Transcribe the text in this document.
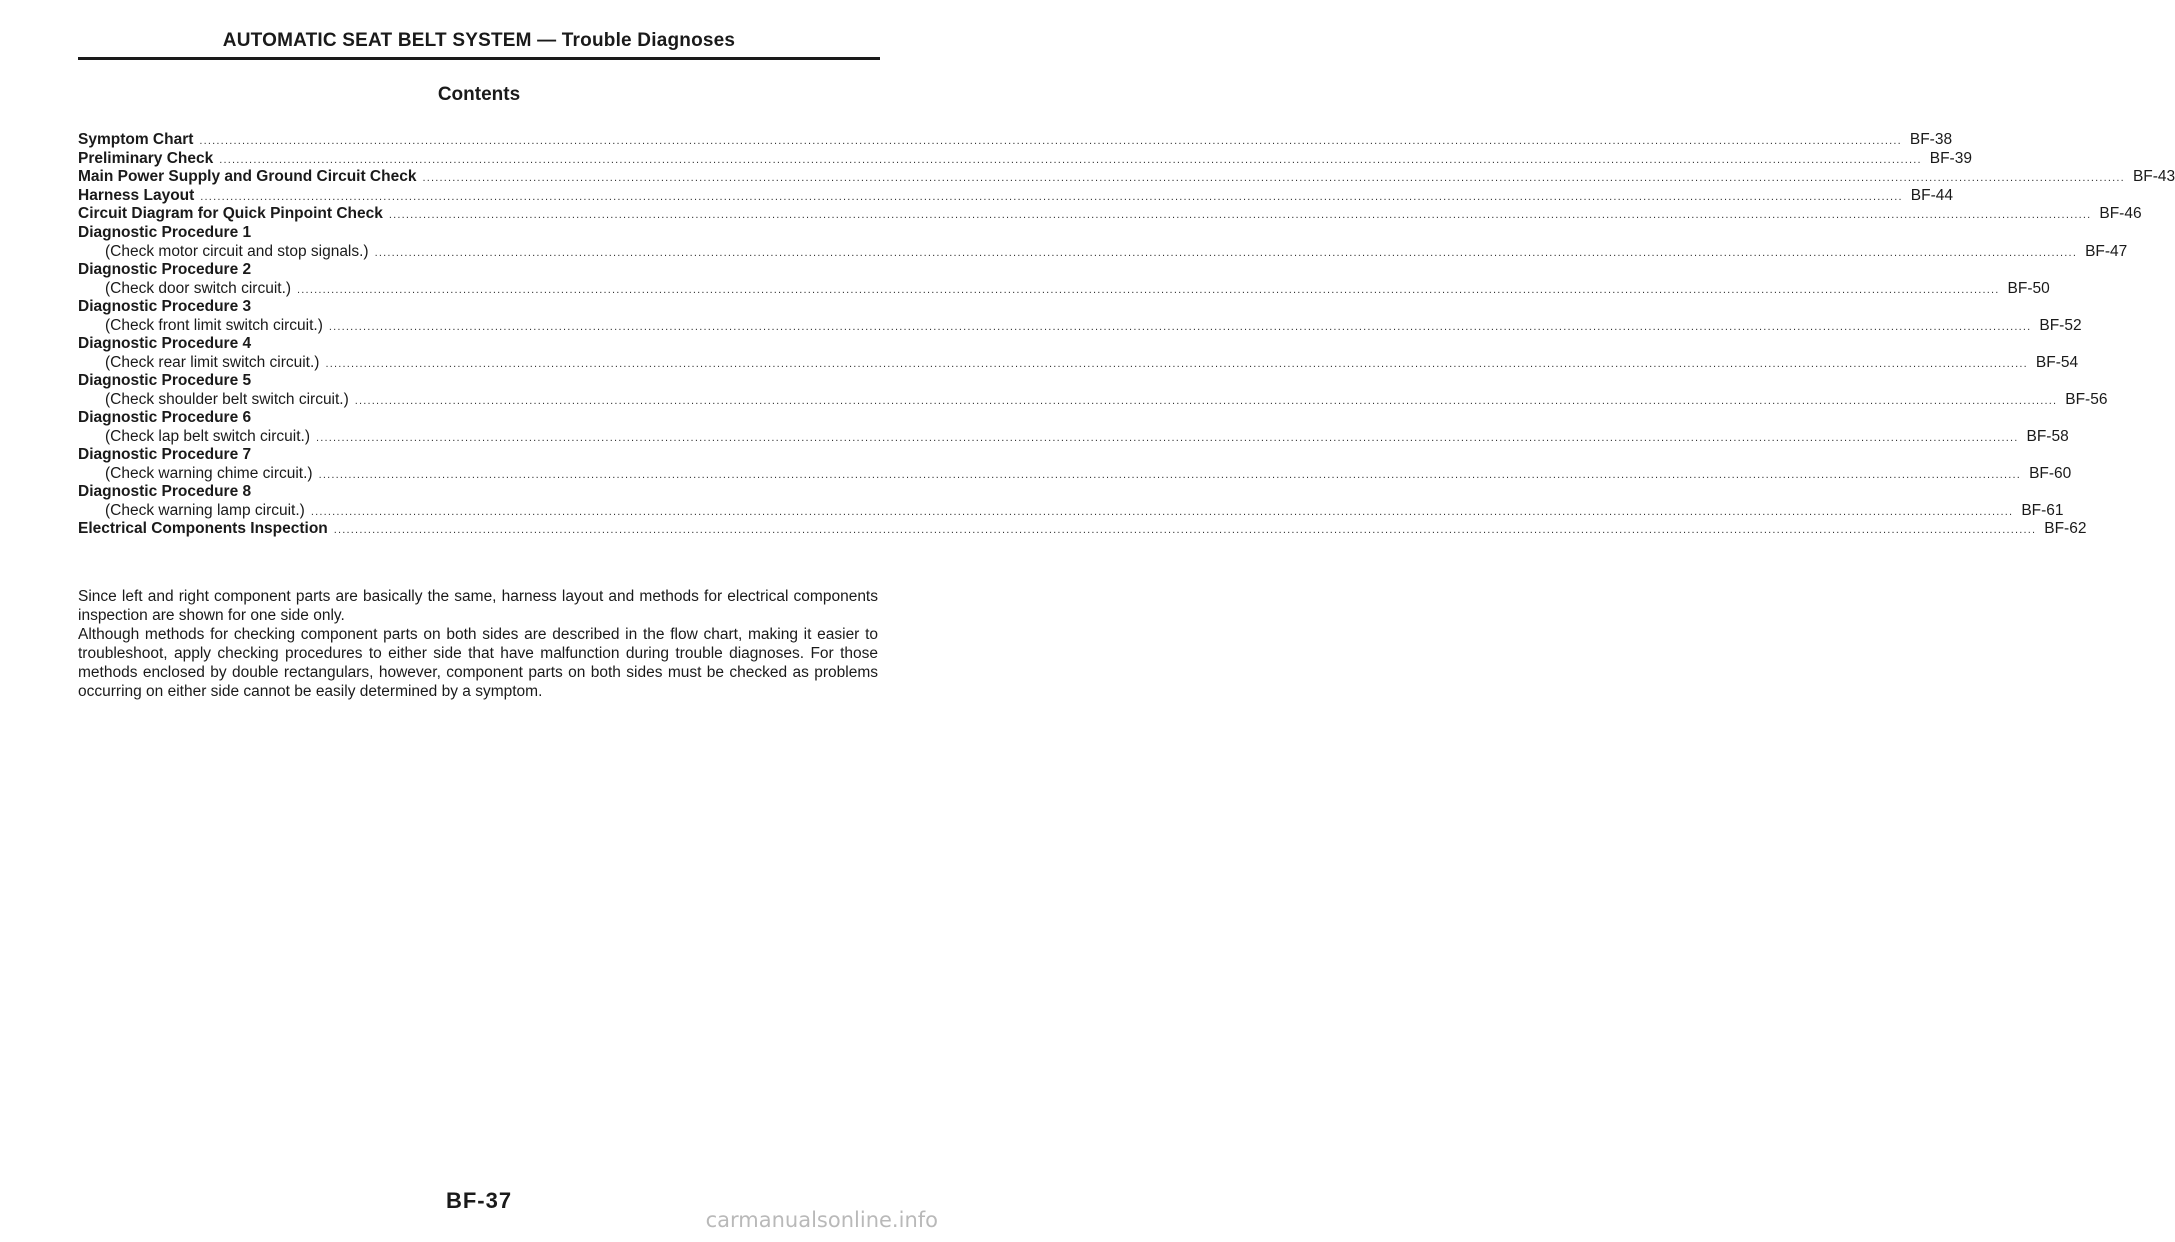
AUTOMATIC SEAT BELT SYSTEM — Trouble Diagnoses
Contents
Symptom Chart ................................................................................................................................................................................................................................................................................................................................................................................................................ BF-38
Preliminary Check ................................................................................................................................................................................................................................................................................................................................................................................................................ BF-39
Main Power Supply and Ground Circuit Check ................................................................................................................................................................................................................................................................................................................................................................................................................ BF-43
Harness Layout ................................................................................................................................................................................................................................................................................................................................................................................................................ BF-44
Circuit Diagram for Quick Pinpoint Check ................................................................................................................................................................................................................................................................................................................................................................................................................ BF-46
Diagnostic Procedure 1
(Check motor circuit and stop signals.) ................................................................................................................................................................................................................................................................................................................................................................................................................ BF-47
Diagnostic Procedure 2
(Check door switch circuit.) ................................................................................................................................................................................................................................................................................................................................................................................................................ BF-50
Diagnostic Procedure 3
(Check front limit switch circuit.) ................................................................................................................................................................................................................................................................................................................................................................................................................ BF-52
Diagnostic Procedure 4
(Check rear limit switch circuit.) ................................................................................................................................................................................................................................................................................................................................................................................................................ BF-54
Diagnostic Procedure 5
(Check shoulder belt switch circuit.) ................................................................................................................................................................................................................................................................................................................................................................................................................ BF-56
Diagnostic Procedure 6
(Check lap belt switch circuit.) ................................................................................................................................................................................................................................................................................................................................................................................................................ BF-58
Diagnostic Procedure 7
(Check warning chime circuit.) ................................................................................................................................................................................................................................................................................................................................................................................................................ BF-60
Diagnostic Procedure 8
(Check warning lamp circuit.) ................................................................................................................................................................................................................................................................................................................................................................................................................ BF-61
Electrical Components Inspection ................................................................................................................................................................................................................................................................................................................................................................................................................ BF-62

Since left and right component parts are basically the same, harness layout and methods for electrical components inspection are shown for one side only.

Although methods for checking component parts on both sides are described in the flow chart, making it easier to troubleshoot, apply checking procedures to either side that have malfunction during trouble diagnoses. For those methods enclosed by double rectangulars, however, component parts on both sides must be checked as problems occurring on either side cannot be easily determined by a symptom.

BF-37
carmanualsonline.info
